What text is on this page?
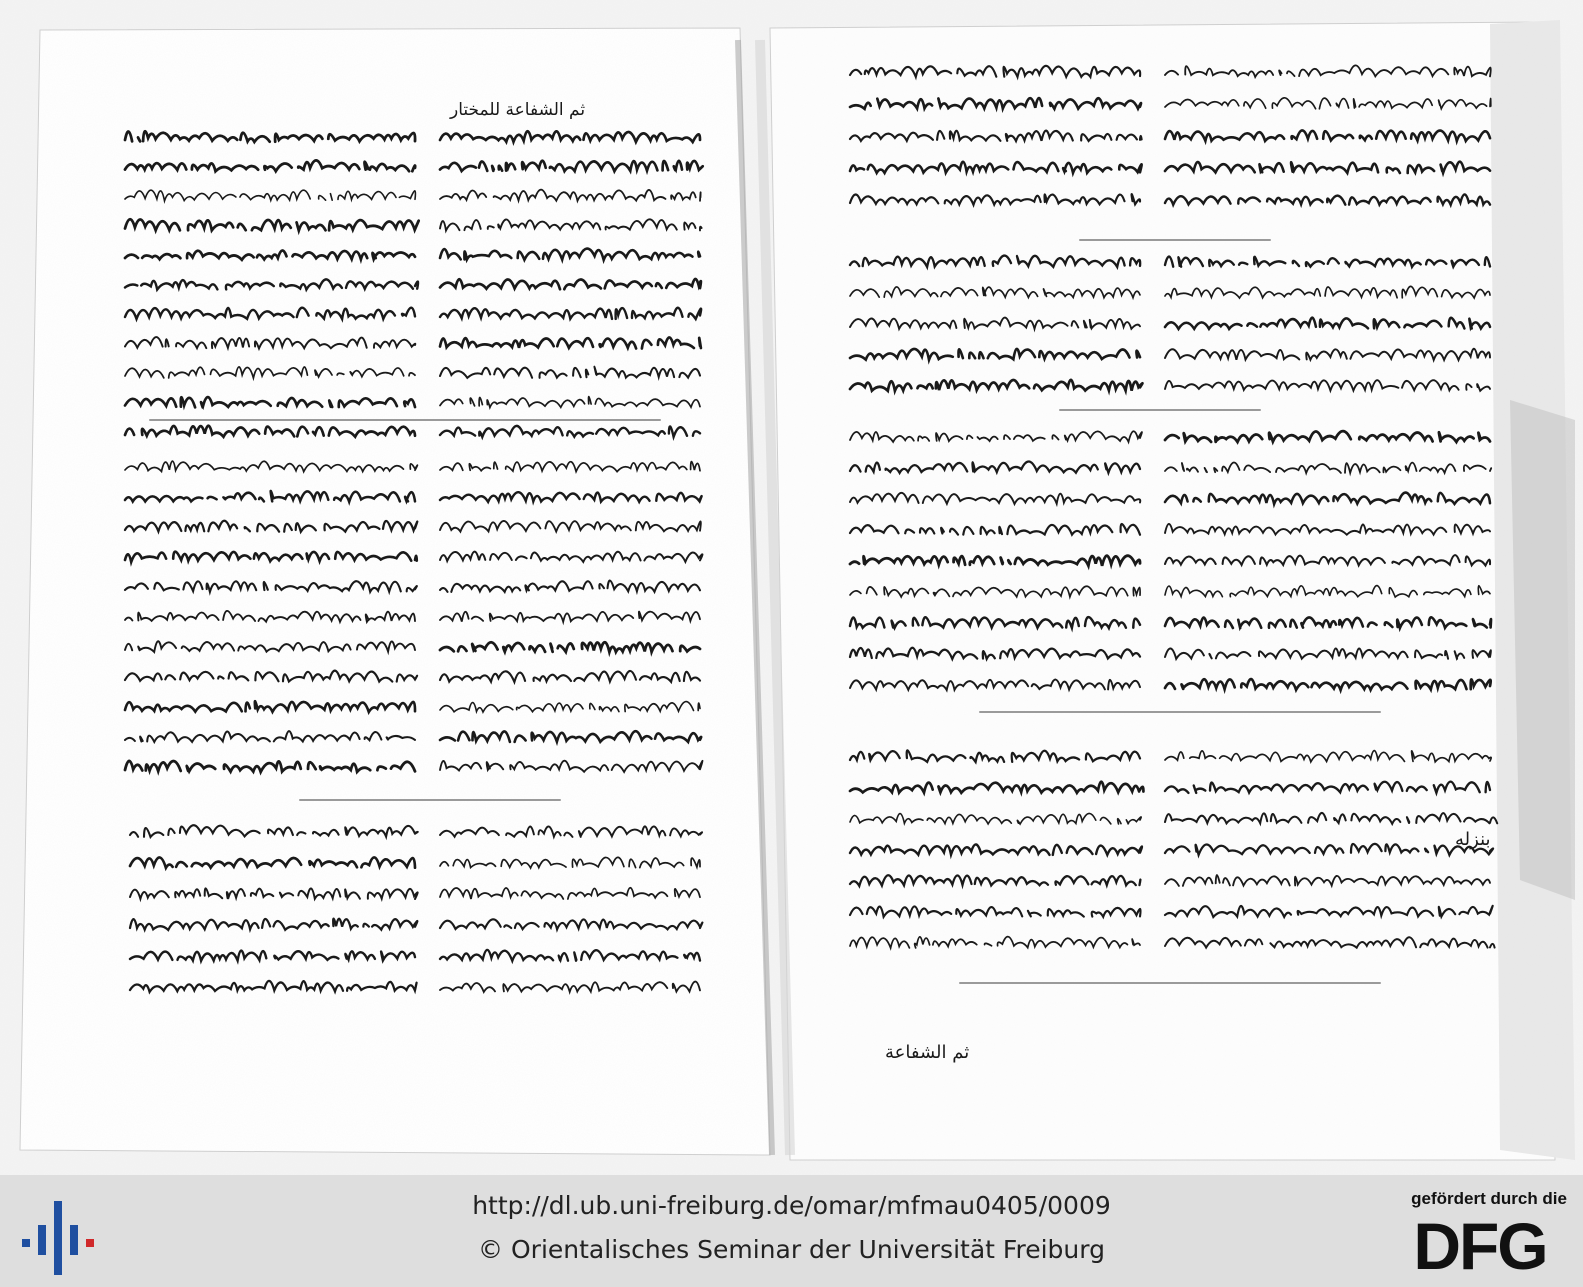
بنزله
ثم الشفاعة
ثم الشفاعة للمختار
http://dl.ub.uni-freiburg.de/omar/mfmau0405/0009
© Orientalisches Seminar der Universität Freiburg
gefördert durch die
DFG
